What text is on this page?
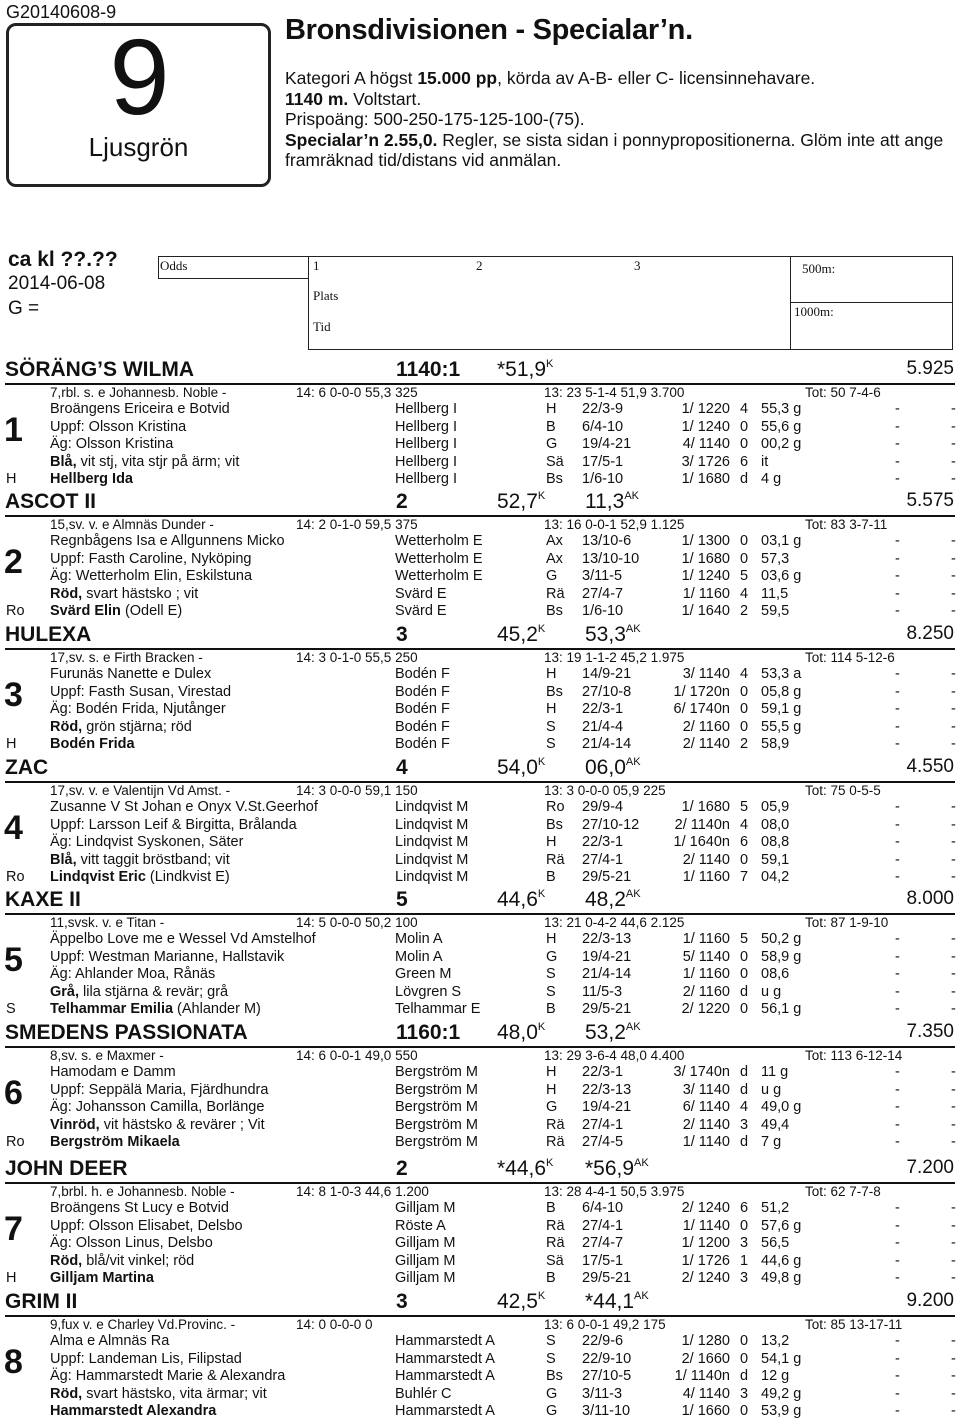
G20140608-9
9
Ljusgrön
Bronsdivisionen - Specialar’n.
Kategori A högst 15.000 pp, körda av A-B- eller C- licensinnehavare.
1140 m. Voltstart.
Prispoäng: 500-250-175-125-100-(75).
Specialar’n 2.55,0. Regler, se sista sidan i ponnypropositionerna. Glöm inte att ange framräknad tid/distans vid anmälan.
ca kl ??.??
2014-06-08
G =
Odds	1	2	3	500m:
Plats
1000m:
Tid
SÖRÄNG’S WILMA	1140:1 $*51,9^K$	5.925
7,rbl. s. e Johannesb. Noble -	14: 6 0-0-0 55,3 325	13: 23 5-1-4 51,9 3.700	Tot: 50 7-4-6
Broängens Ericeira e Botvid	Hellberg I	H 22/3-9	1/ 1220 4 55,3 g	-	-
Uppf: Olsson Kristina	Hellberg I	B 6/4-10	1/ 1240 0 55,6 g	-	-
Äg: Olsson Kristina	Hellberg I	G 19/4-21	4/ 1140 0 00,2 g	-	-
Blå, vit stj, vita stjr på ärm; vit	Hellberg I	Sä 17/5-1	3/ 1726 6 it	-	-
H Hellberg Ida	Hellberg I	Bs 1/6-10	1/ 1680 d 4 g	-	-
1
ASCOT II	2	$52,7^K$ $11,3^{AK}$	5.575
15,sv. v. e Almnäs Dunder -	14: 2 0-1-0 59,5 375	13: 16 0-0-1 52,9 1.125	Tot: 83 3-7-11
Regnbågens Isa e Allgunnens Micko	Wetterholm E	Ax 13/10-6	1/ 1300 0 03,1 g	-	-
Uppf: Fasth Caroline, Nyköping	Wetterholm E	Ax 13/10-10	1/ 1680 0 57,3	-	-
Äg: Wetterholm Elin, Eskilstuna	Wetterholm E	G 3/11-5	1/ 1240 5 03,6 g	-	-
Röd, svart hästsko ; vit	Svärd E	Rä 27/4-7	1/ 1160 4 11,5	-	-
Ro Svärd Elin (Odell E)	Svärd E	Bs 1/6-10	1/ 1640 2 59,5	-	-
2
HULEXA	3	$45,2^K$ $53,3^{AK}$	8.250
17,sv. s. e Firth Bracken -	14: 3 0-1-0 55,5 250	13: 19 1-1-2 45,2 1.975	Tot: 114 5-12-6
Furunäs Nanette e Dulex	Bodén F	H 14/9-21	3/ 1140 4 53,3 a	-	-
Uppf: Fasth Susan, Virestad	Bodén F	Bs 27/10-8	1/ 1720n 0 05,8 g	-	-
Äg: Bodén Frida, Njutånger	Bodén F	H 22/3-1	6/ 1740n 0 59,1 g	-	-
Röd, grön stjärna; röd	Bodén F	S 21/4-4	2/ 1160 0 55,5 g	-	-
H Bodén Frida	Bodén F	S 21/4-14	2/ 1140 2 58,9	-	-
3
ZAC	4	$54,0^K$ $06,0^{AK}$	4.550
17,sv. v. e Valentijn Vd Amst. -	14: 3 0-0-0 59,1 150	13: 3 0-0-0 05,9 225	Tot: 75 0-5-5
Zusanne V St Johan e Onyx V.St.Geerhof	Lindqvist M	Ro 29/9-4	1/ 1680 5 05,9	-	-
Uppf: Larsson Leif & Birgitta, Brålanda	Lindqvist M	Bs 27/10-12	2/ 1140n 4 08,0	-	-
Äg: Lindqvist Syskonen, Säter	Lindqvist M	H 22/3-1	1/ 1640n 6 08,8	-	-
Blå, vitt taggit bröstband; vit	Lindqvist M	Rä 27/4-1	2/ 1140 0 59,1	-	-
Ro Lindqvist Eric (Lindkvist E)	Lindqvist M	B 29/5-21	1/ 1160 7 04,2	-	-
4
KAXE II	5	$44,6^K$ $48,2^{AK}$	8.000
11,svsk. v. e Titan -	14: 5 0-0-0 50,2 100	13: 21 0-4-2 44,6 2.125	Tot: 87 1-9-10
Äppelbo Love me e Wessel Vd Amstelhof	Molin A	H 22/3-13	1/ 1160 5 50,2 g	-	-
Uppf: Westman Marianne, Hallstavik	Molin A	G 19/4-21	5/ 1140 0 58,9 g	-	-
Äg: Ahlander Moa, Rånäs	Green M	S 21/4-14	1/ 1160 0 08,6	-	-
Grå, lila stjärna & revär; grå	Lövgren S	S 11/5-3	2/ 1160 d u g	-	-
S Telhammar Emilia (Ahlander M)	Telhammar E	B 29/5-21	2/ 1220 0 56,1 g	-	-
5
SMEDENS PASSIONATA	1160:1 $48,0^K$ $53,2^{AK}$	7.350
8,sv. s. e Maxmer -	14: 6 0-0-1 49,0 550	13: 29 3-6-4 48,0 4.400	Tot: 113 6-12-14
Hamodam e Damm	Bergström M	H 22/3-1	3/ 1740n d 11 g	-	-
Uppf: Seppälä Maria, Fjärdhundra	Bergström M	H 22/3-13	3/ 1140 d u g	-	-
Äg: Johansson Camilla, Borlänge	Bergström M	G 19/4-21	6/ 1140 4 49,0 g	-	-
Vinröd, vit hästsko & revärer ; Vit	Bergström M	Rä 27/4-1	2/ 1140 3 49,4	-	-
Ro Bergström Mikaela	Bergström M	Rä 27/4-5	1/ 1140 d 7 g	-	-
6
JOHN DEER	2	$*44,6^K$ $*56,9^{AK}$	7.200
7,brbl. h. e Johannesb. Noble -	14: 8 1-0-3 44,6 1.200	13: 28 4-4-1 50,5 3.975	Tot: 62 7-7-8
Broängens St Lucy e Botvid	Gilljam M	B 6/4-10	2/ 1240 6 51,2	-	-
Uppf: Olsson Elisabet, Delsbo	Röste A	Rä 27/4-1	1/ 1140 0 57,6 g	-	-
Äg: Olsson Linus, Delsbo	Gilljam M	Rä 27/4-7	1/ 1200 3 56,5	-	-
Röd, blå/vit vinkel; röd	Gilljam M	Sä 17/5-1	1/ 1726 1 44,6 g	-	-
H Gilljam Martina	Gilljam M	B 29/5-21	2/ 1240 3 49,8 g	-	-
7
GRIM II	3	$42,5^K$ $*44,1^{AK}$	9.200
9,fux v. e Charley Vd.Provinc. -	14: 0 0-0-0 0	13: 6 0-0-1 49,2 175	Tot: 85 13-17-11
Alma e Almnäs Ra	Hammarstedt A	S 22/9-6	1/ 1280 0 13,2	-	-
Uppf: Landeman Lis, Filipstad	Hammarstedt A	S 22/9-10	2/ 1660 0 54,1 g	-	-
Äg: Hammarstedt Marie & Alexandra	Hammarstedt A	Bs 27/10-5	1/ 1140n d 12 g	-	-
Röd, svart hästsko, vita ärmar; vit	Buhlér C	G 3/11-3	4/ 1140 3 49,2 g	-	-
Hammarstedt Alexandra	Hammarstedt A	G 3/11-10	1/ 1660 0 53,9 g	-	-
8
